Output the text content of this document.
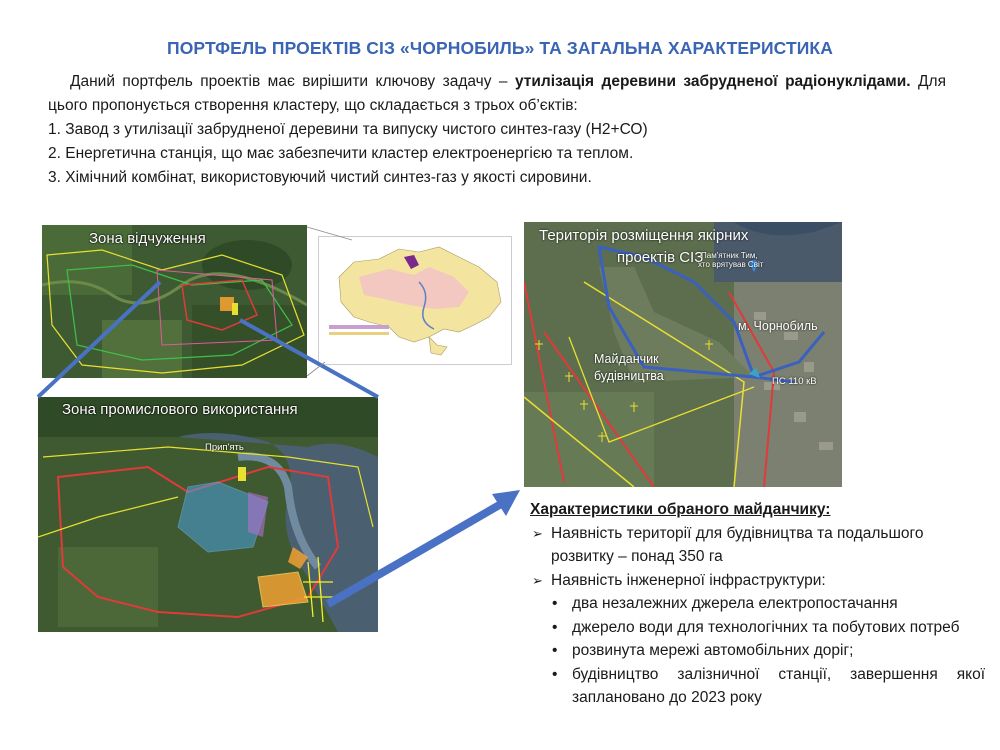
ПОРТФЕЛЬ ПРОЕКТІВ СІЗ «ЧОРНОБИЛЬ» ТА ЗАГАЛЬНА ХАРАКТЕРИСТИКА

Даний портфель проектів має вирішити ключову задачу – утилізація деревини забрудненої радіонуклідами. Для цього пропонується створення кластеру, що складається з трьох об’єктів:

1. Завод з утилізації забрудненої деревини та випуску чистого синтез-газу (Н2+СО)

2. Енергетична станція, що має забезпечити кластер електроенергією та теплом.

3. Хімічний комбінат, використовуючий чистий синтез-газ у якості сировини.

Зона відчуження
Зона промислового використання
Прип'ять
Територія розміщення якірних
проектів СІЗ
Пам'ятник Тим,
хто врятував Світ
м. Чорнобиль
Майданчик
будівництва	ПС 110 кВ
Характеристики обраного майданчику:
➢ Наявність території для будівництва та подальшого розвитку – понад 350 га
➢ Наявність інженерної інфраструктури:
• два незалежних джерела електропостачання
• джерело води для технологічних та побутових потреб
• розвинута мережі автомобільних доріг;
• будівництво залізничної станції, завершення якої заплановано до 2023 року
